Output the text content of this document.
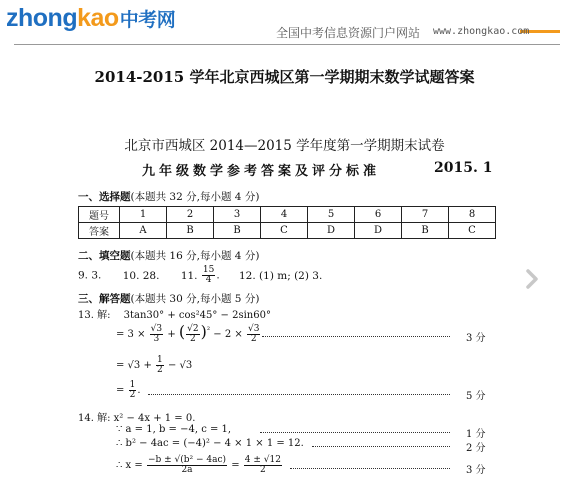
zhongkao中考网
全国中考信息资源门户网站 www.zhongkao.com
2014-2015 学年北京西城区第一学期期末数学试题答案
北京市西城区 2014—2015 学年度第一学期期末试卷
九年级数学参考答案及评分标准	2015. 1
一、选择题(本题共 32 分,每小题 4 分)
题号	1	2	3	4	5	6	7	8
答案	A	B	B	C	D	D	B	C
二、填空题(本题共 16 分,每小题 4 分)
9. 3. 10. 28. 11. $\frac{15}{4}$ . 12. (1) m; (2) 3.
三、解答题(本题共 30 分,每小题 5 分)
13. 解: 3tan30° + cos²45° − 2sin60°
= $3 \times \frac{√3}{3}$ + ( $\frac{√2}{2} )^{^2} - 2 \times \frac{√3}{2}$	3 分
= $√3 + \frac{1}{2} - √3$
= $\frac{1}{2}$ .
5 分
14. 解: x² − 4x + 1 = 0.
∵ a = 1, b = −4, c = 1,	1 分
∴ b² − 4ac = (−4)² − 4 × 1 × 1 = 12.	2 分
∴ $x = \frac{\text{−b ± √(b² − 4ac)}}{2a} = \frac{4 \pm √12}{2}$	3 分
